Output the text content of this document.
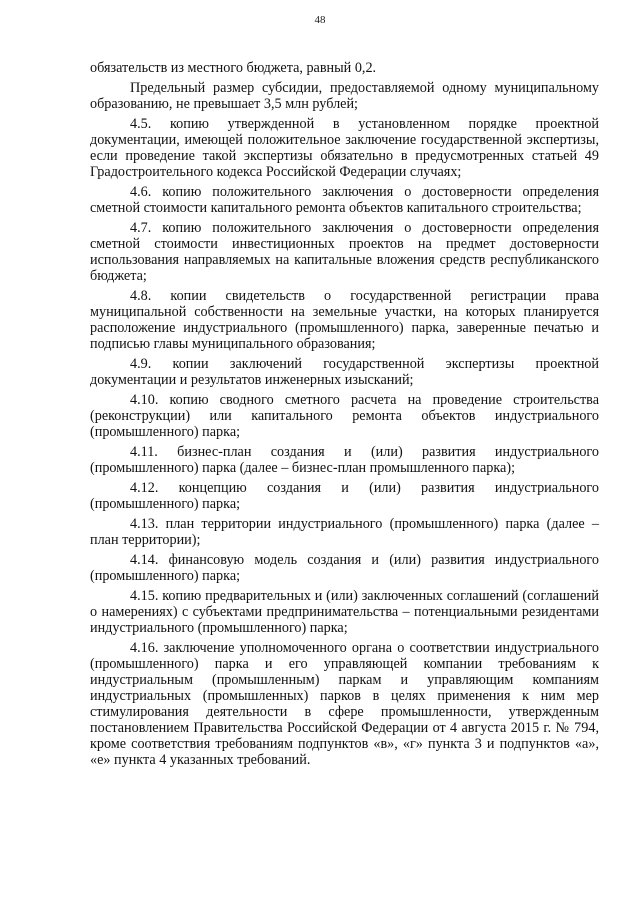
48

обязательств из местного бюджета, равный 0,2.

Предельный размер субсидии, предоставляемой одному муниципальному образованию, не превышает 3,5 млн рублей;

4.5. копию утвержденной в установленном порядке проектной документации, имеющей положительное заключение государственной экспертизы, если проведение такой экспертизы обязательно в предусмотренных статьей 49 Градостроительного кодекса Российской Федерации случаях;

4.6. копию положительного заключения о достоверности определения сметной стоимости капитального ремонта объектов капитального строительства;

4.7. копию положительного заключения о достоверности определения сметной стоимости инвестиционных проектов на предмет достоверности использования направляемых на капитальные вложения средств республиканского бюджета;

4.8. копии свидетельств о государственной регистрации права муниципальной собственности на земельные участки, на которых планируется расположение индустриального (промышленного) парка, заверенные печатью и подписью главы муниципального образования;

4.9. копии заключений государственной экспертизы проектной документации и результатов инженерных изысканий;

4.10. копию сводного сметного расчета на проведение строительства (реконструкции) или капитального ремонта объектов индустриального (промышленного) парка;

4.11. бизнес-план создания и (или) развития индустриального (промышленного) парка (далее – бизнес-план промышленного парка);

4.12. концепцию создания и (или) развития индустриального (промышленного) парка;

4.13. план территории индустриального (промышленного) парка (далее – план территории);

4.14. финансовую модель создания и (или) развития индустриального (промышленного) парка;

4.15. копию предварительных и (или) заключенных соглашений (соглашений о намерениях) с субъектами предпринимательства – потенциальными резидентами индустриального (промышленного) парка;

4.16. заключение уполномоченного органа о соответствии индустриального (промышленного) парка и его управляющей компании требованиям к индустриальным (промышленным) паркам и управляющим компаниям индустриальных (промышленных) парков в целях применения к ним мер стимулирования деятельности в сфере промышленности, утвержденным постановлением Правительства Российской Федерации от 4 августа 2015 г. № 794, кроме соответствия требованиям подпунктов «в», «г» пункта 3 и подпунктов «а», «е» пункта 4 указанных требований.
